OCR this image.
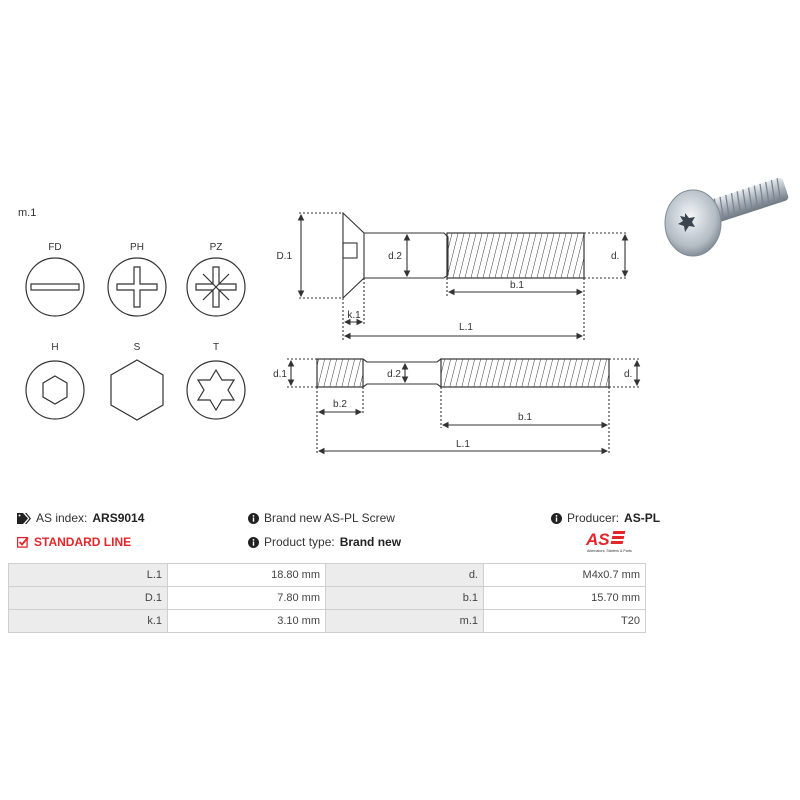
m.1
FD	PH	PZ
H	S	T
D.1	d.2	d.
b.1
k.1
L.1
d.1	d.2	d.
b.2
b.1
L.1
AS index: ARS9014
STANDARD LINE
Brand new AS-PL Screw
Product type: Brand new
Producer: AS-PL
AS
Alternators, Starters & Parts
L.1	18.80 mm	d.	M4x0.7 mm
D.1	7.80 mm	b.1	15.70 mm
k.1	3.10 mm	m.1	T20
